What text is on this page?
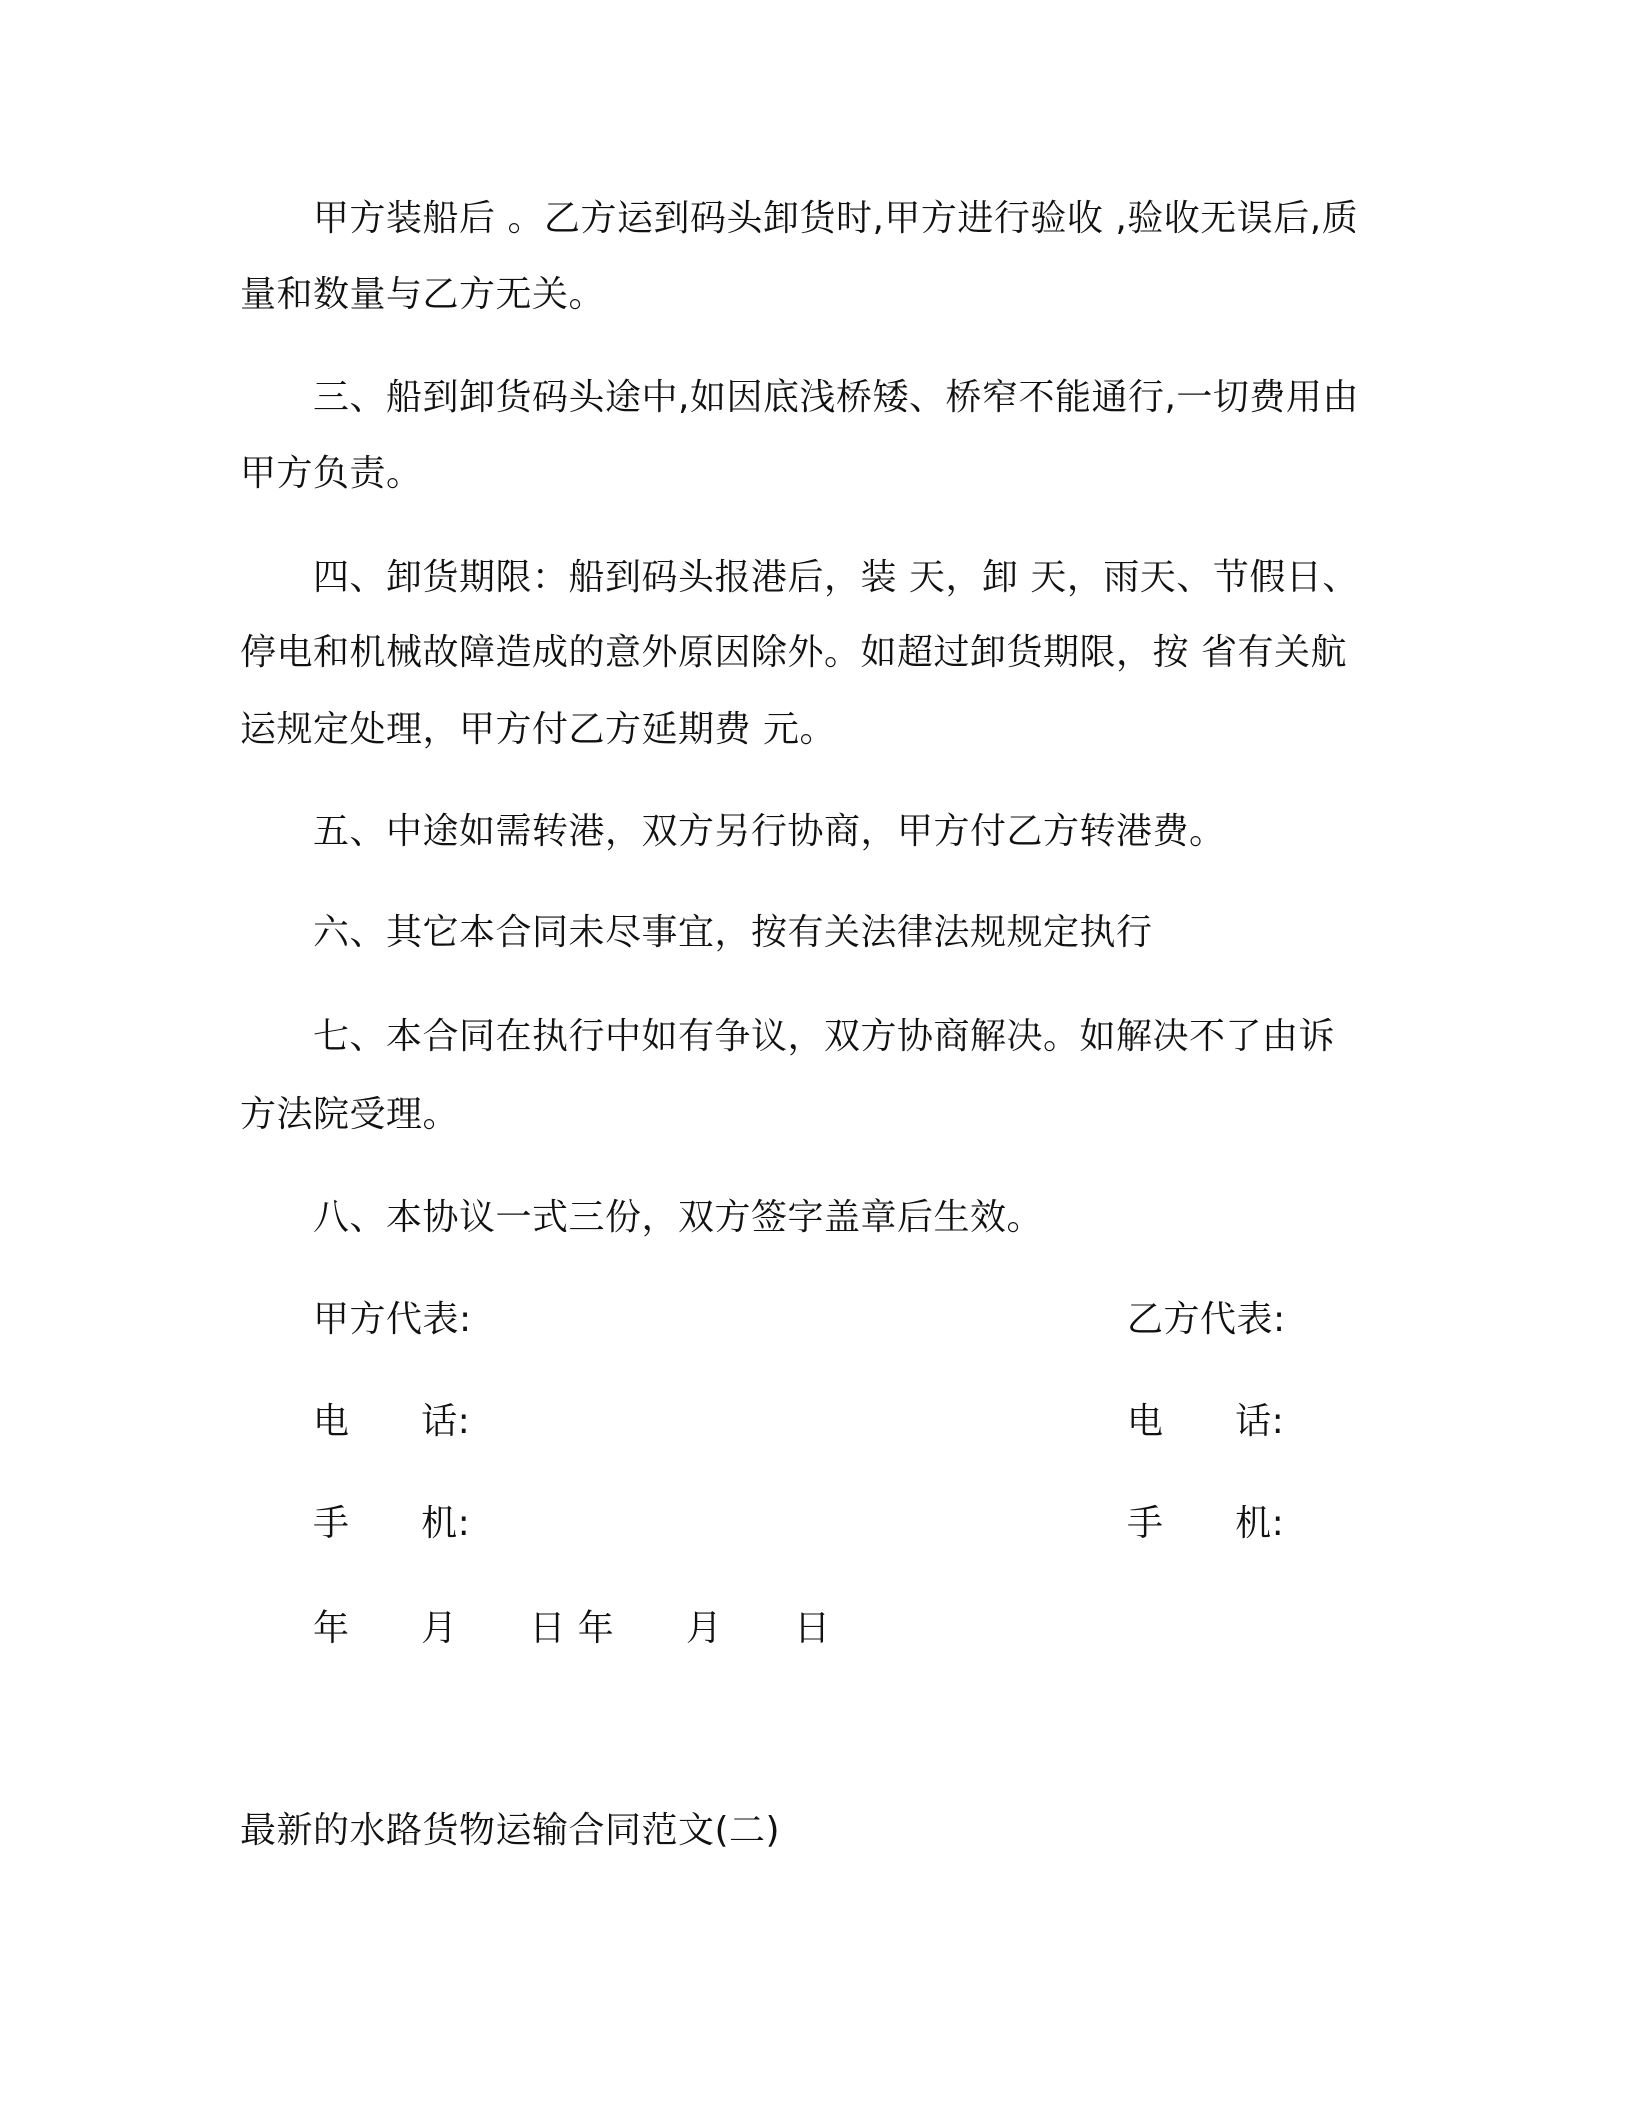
甲方装船后 。乙方运到码头卸货时,甲方进行验收 ,验收无误后,质
量和数量与乙方无关。
三、船到卸货码头途中,如因底浅桥矮、桥窄不能通行,一切费用由
甲方负责。
四、卸货期限：船到码头报港后，装 天，卸 天，雨天、节假日、
停电和机械故障造成的意外原因除外。如超过卸货期限，按 省有关航
运规定处理，甲方付乙方延期费 元。
五、中途如需转港，双方另行协商，甲方付乙方转港费。
六、其它本合同未尽事宜，按有关法律法规规定执行
七、本合同在执行中如有争议，双方协商解决。如解决不了由诉
方法院受理。
八、本协议一式三份，双方签字盖章后生效。
甲方代表:	乙方代表:
电      话:	电      话:
手      机:	手      机:
年      月      日 年      月      日
最新的水路货物运输合同范文(二)
